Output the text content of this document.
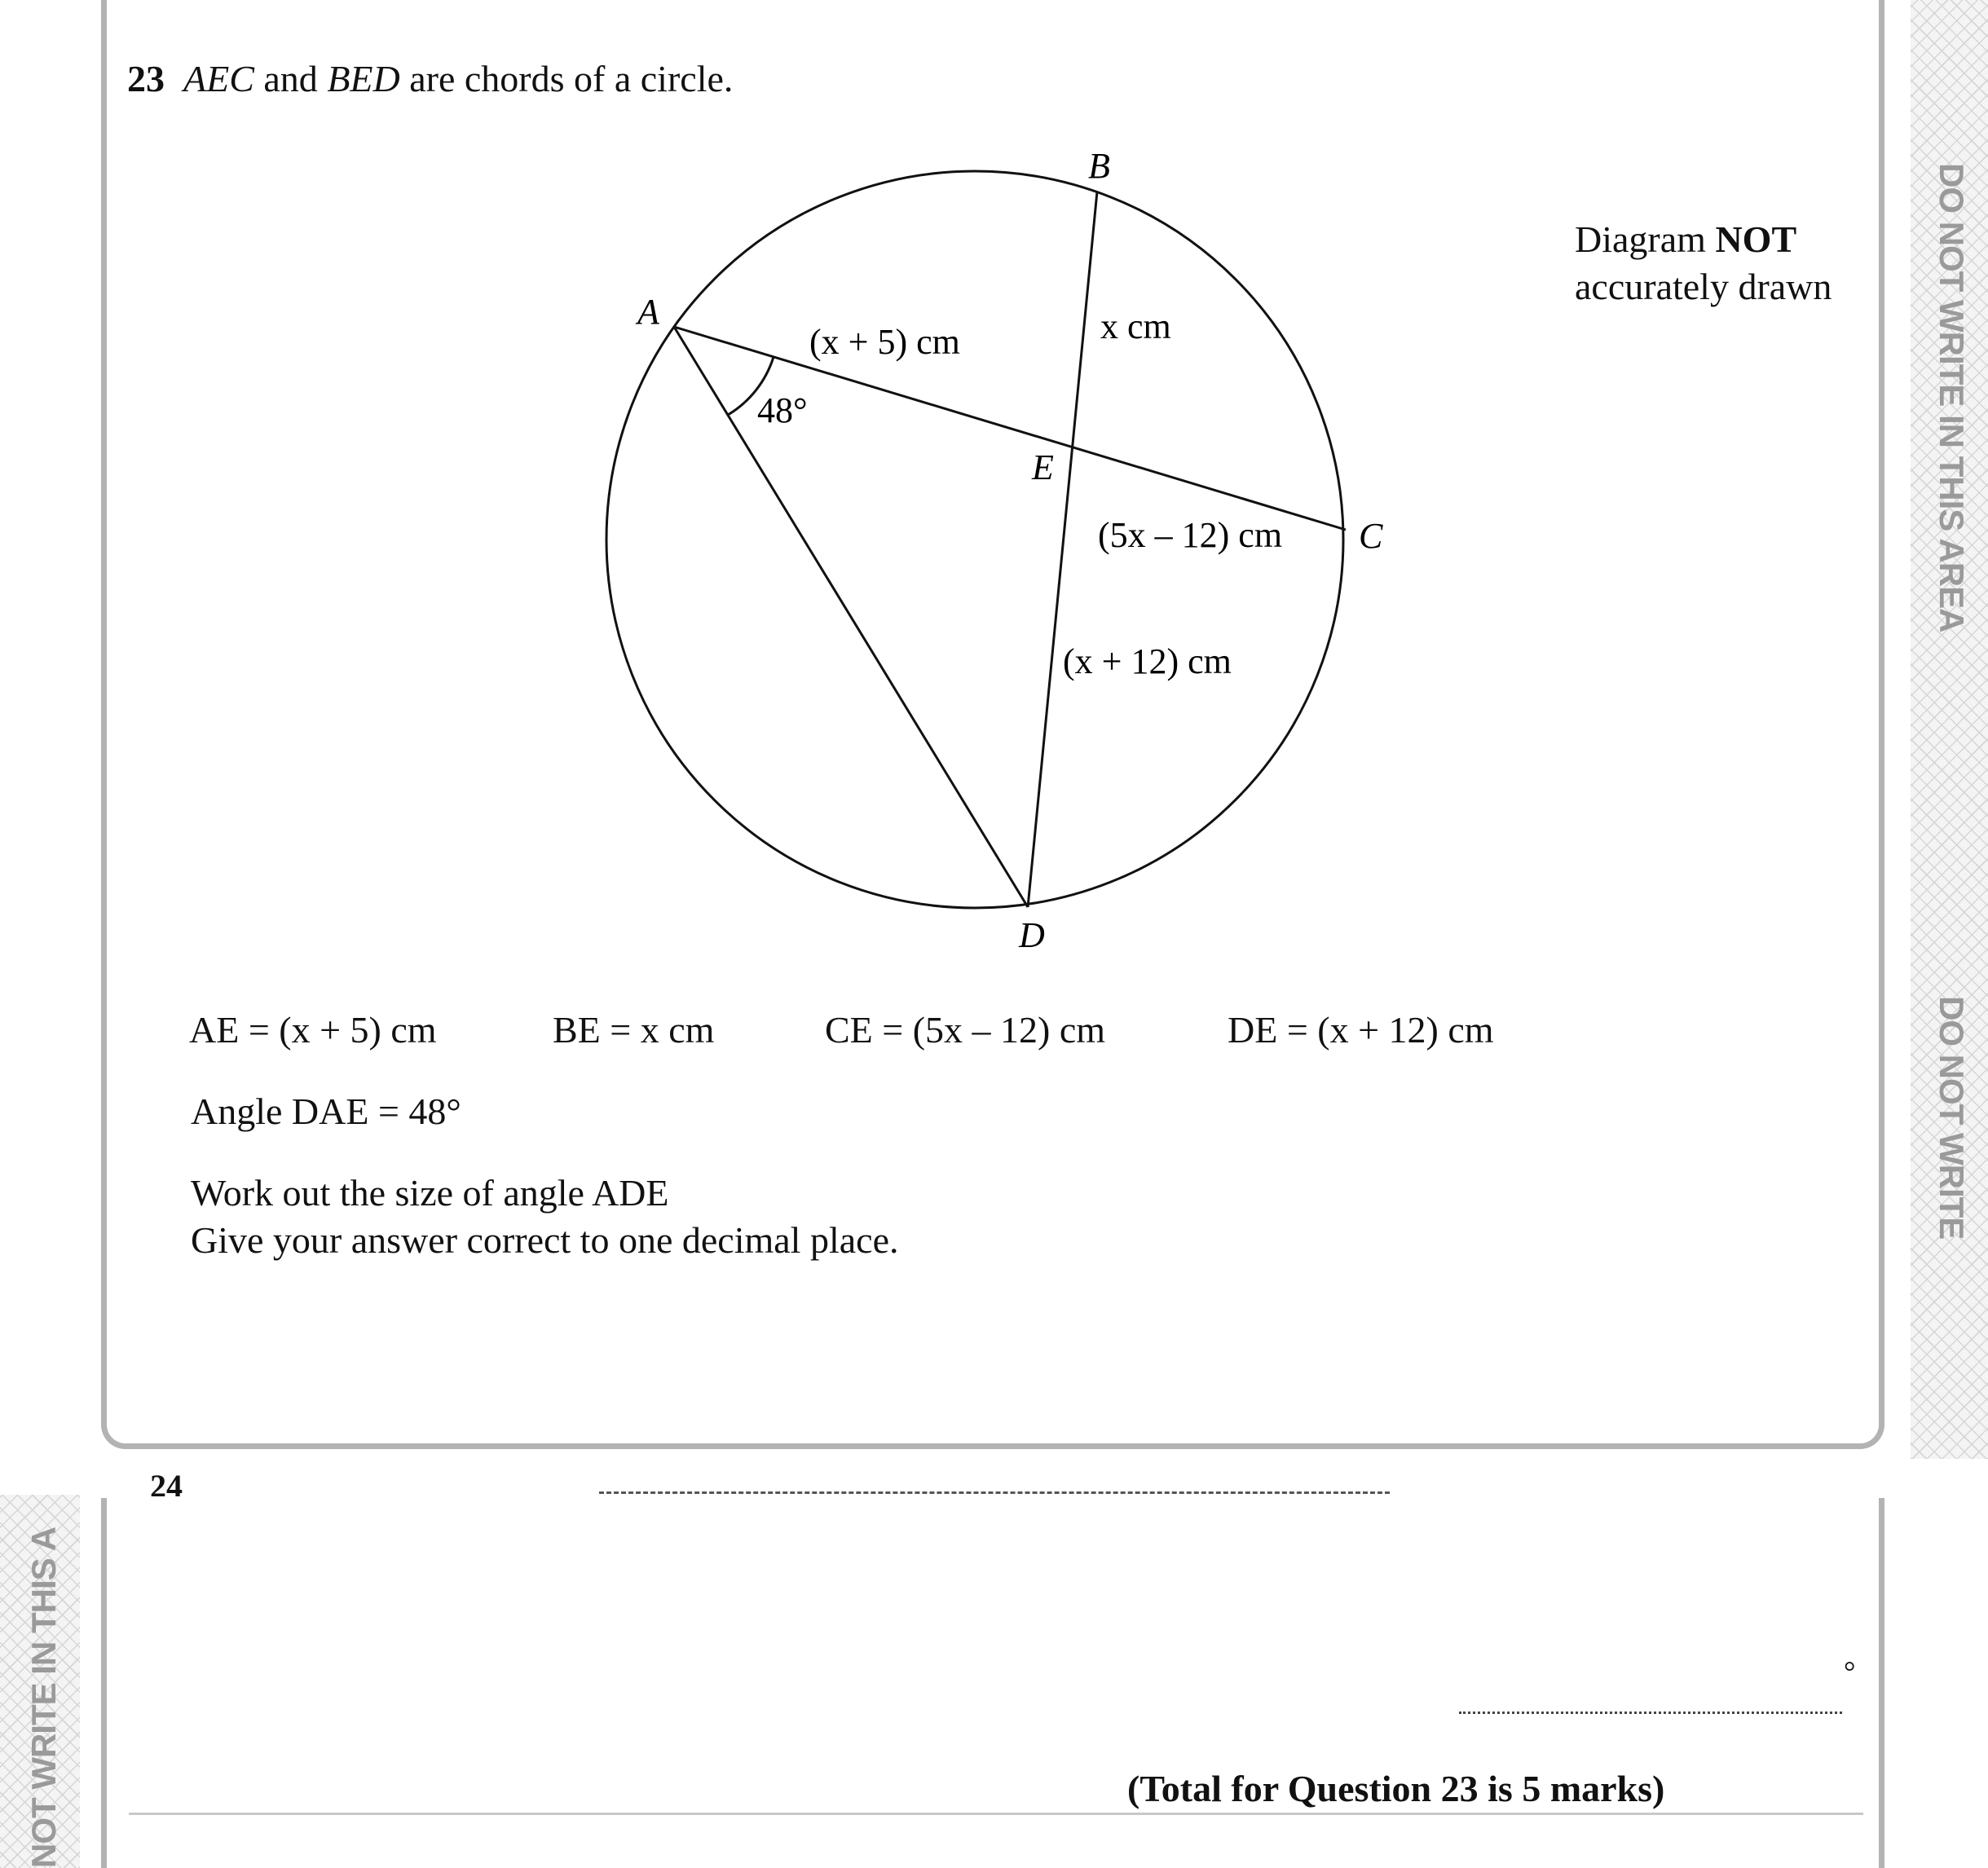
DO NOT WRITE IN THIS AREA
DO NOT WRITE
NOT WRITE IN THIS A
23 AEC and BED are chords of a circle.
A
B
C
D
E
(x + 5) cm	x cm
(5x – 12) cm
(x + 12) cm
48°
Diagram NOT
accurately drawn
AE = (x + 5) cm	BE = x cm	CE = (5x – 12) cm	DE = (x + 12) cm
Angle DAE = 48°
Work out the size of angle ADE
Give your answer correct to one decimal place.
24
°
(Total for Question 23 is 5 marks)
